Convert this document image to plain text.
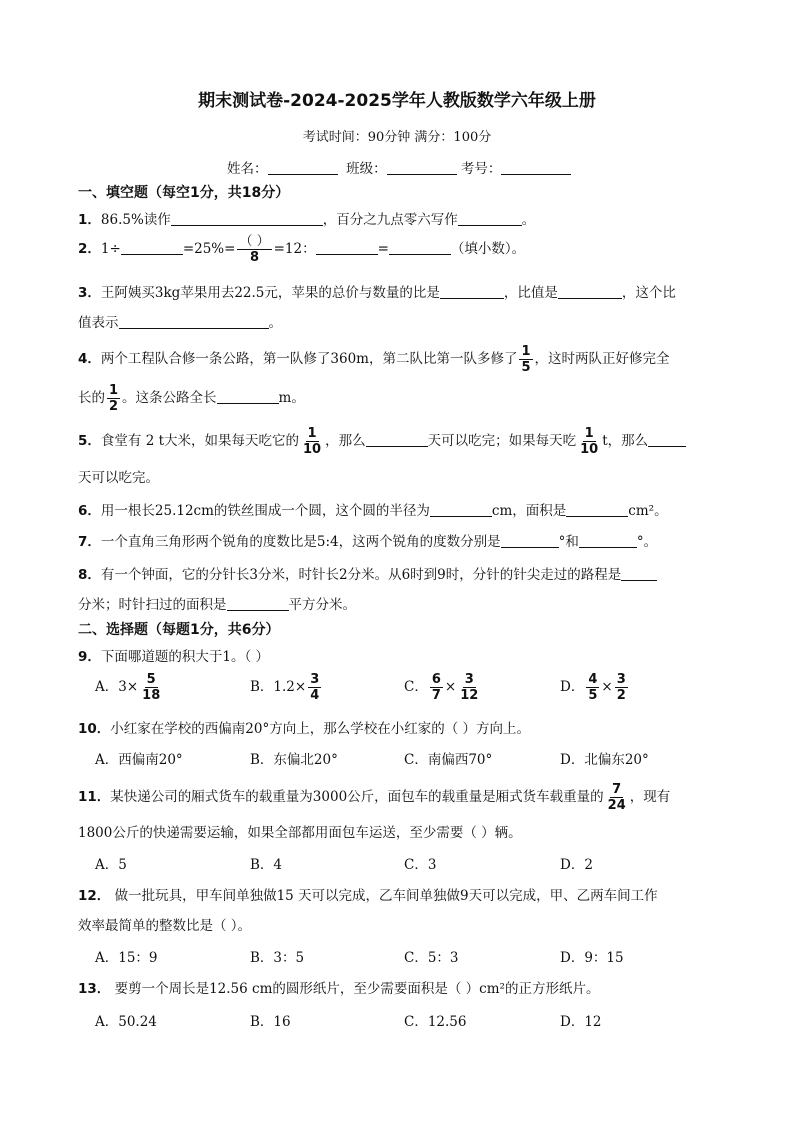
期末测试卷-2024-2025学年人教版数学六年级上册
考试时间：90分钟 满分：100分
姓名：	班级：	考号：
一、填空题（每空1分，共18分）
1．86.5%读作	，百分之九点零六写作	。
2．1÷	$=25\%= \frac{( )}{8} =12$：	=	（填小数）。
3．王阿姨买3kg苹果用去22.5元，苹果的总价与数量的比是	，比值是	，这个比
值表示	。
4．两个工程队合修一条公路，第一队修了360m，第二队比第一队多修了 $\frac{1}{5}$ ，这时两队正好修完全
长的 $\frac{1}{2}$ 。这条公路全长	m。
5．食堂有 2 t大米，如果每天吃它的 $\frac{1}{10}$ ，那么	天可以吃完；如果每天吃 $\frac{1}{10}$ t，那么
天可以吃完。
6．用一根长25.12cm的铁丝围成一个圆，这个圆的半径为	cm，面积是	cm²。
7．一个直角三角形两个锐角的度数比是5:4，这两个锐角的度数分别是	°和	°。
8．有一个钟面，它的分针长3分米，时针长2分米。从6时到9时，分针的针尖走过的路程是
分米；时针扫过的面积是	平方分米。
二、选择题（每题1分，共6分）
9．下面哪道题的积大于1。（ ）
A．$3\times \frac{5}{18}$	B．$1.2\times \frac{3}{4}$	C． $\frac{6}{7} \times \frac{3}{12}$	D． $\frac{4}{5} \times \frac{3}{2}$
10．小红家在学校的西偏南20°方向上，那么学校在小红家的（ ）方向上。
A．西偏南20°	B．东偏北20°	C．南偏西70°	D．北偏东20°
11．某快递公司的厢式货车的载重量为3000公斤，面包车的载重量是厢式货车载重量的 $\frac{7}{24}$ ，现有
1800公斤的快递需要运输，如果全部都用面包车运送，至少需要（ ）辆。
A．5	B．4	C．3	D．2
12． 做一批玩具，甲车间单独做15 天可以完成，乙车间单独做9天可以完成，甲、乙两车间工作
效率最简单的整数比是（ ）。
A．15：9	B．3：5	C．5：3	D．9：15
13． 要剪一个周长是12.56 cm的圆形纸片，至少需要面积是（ ）cm²的正方形纸片。
A．50.24	B．16	C．12.56	D．12
